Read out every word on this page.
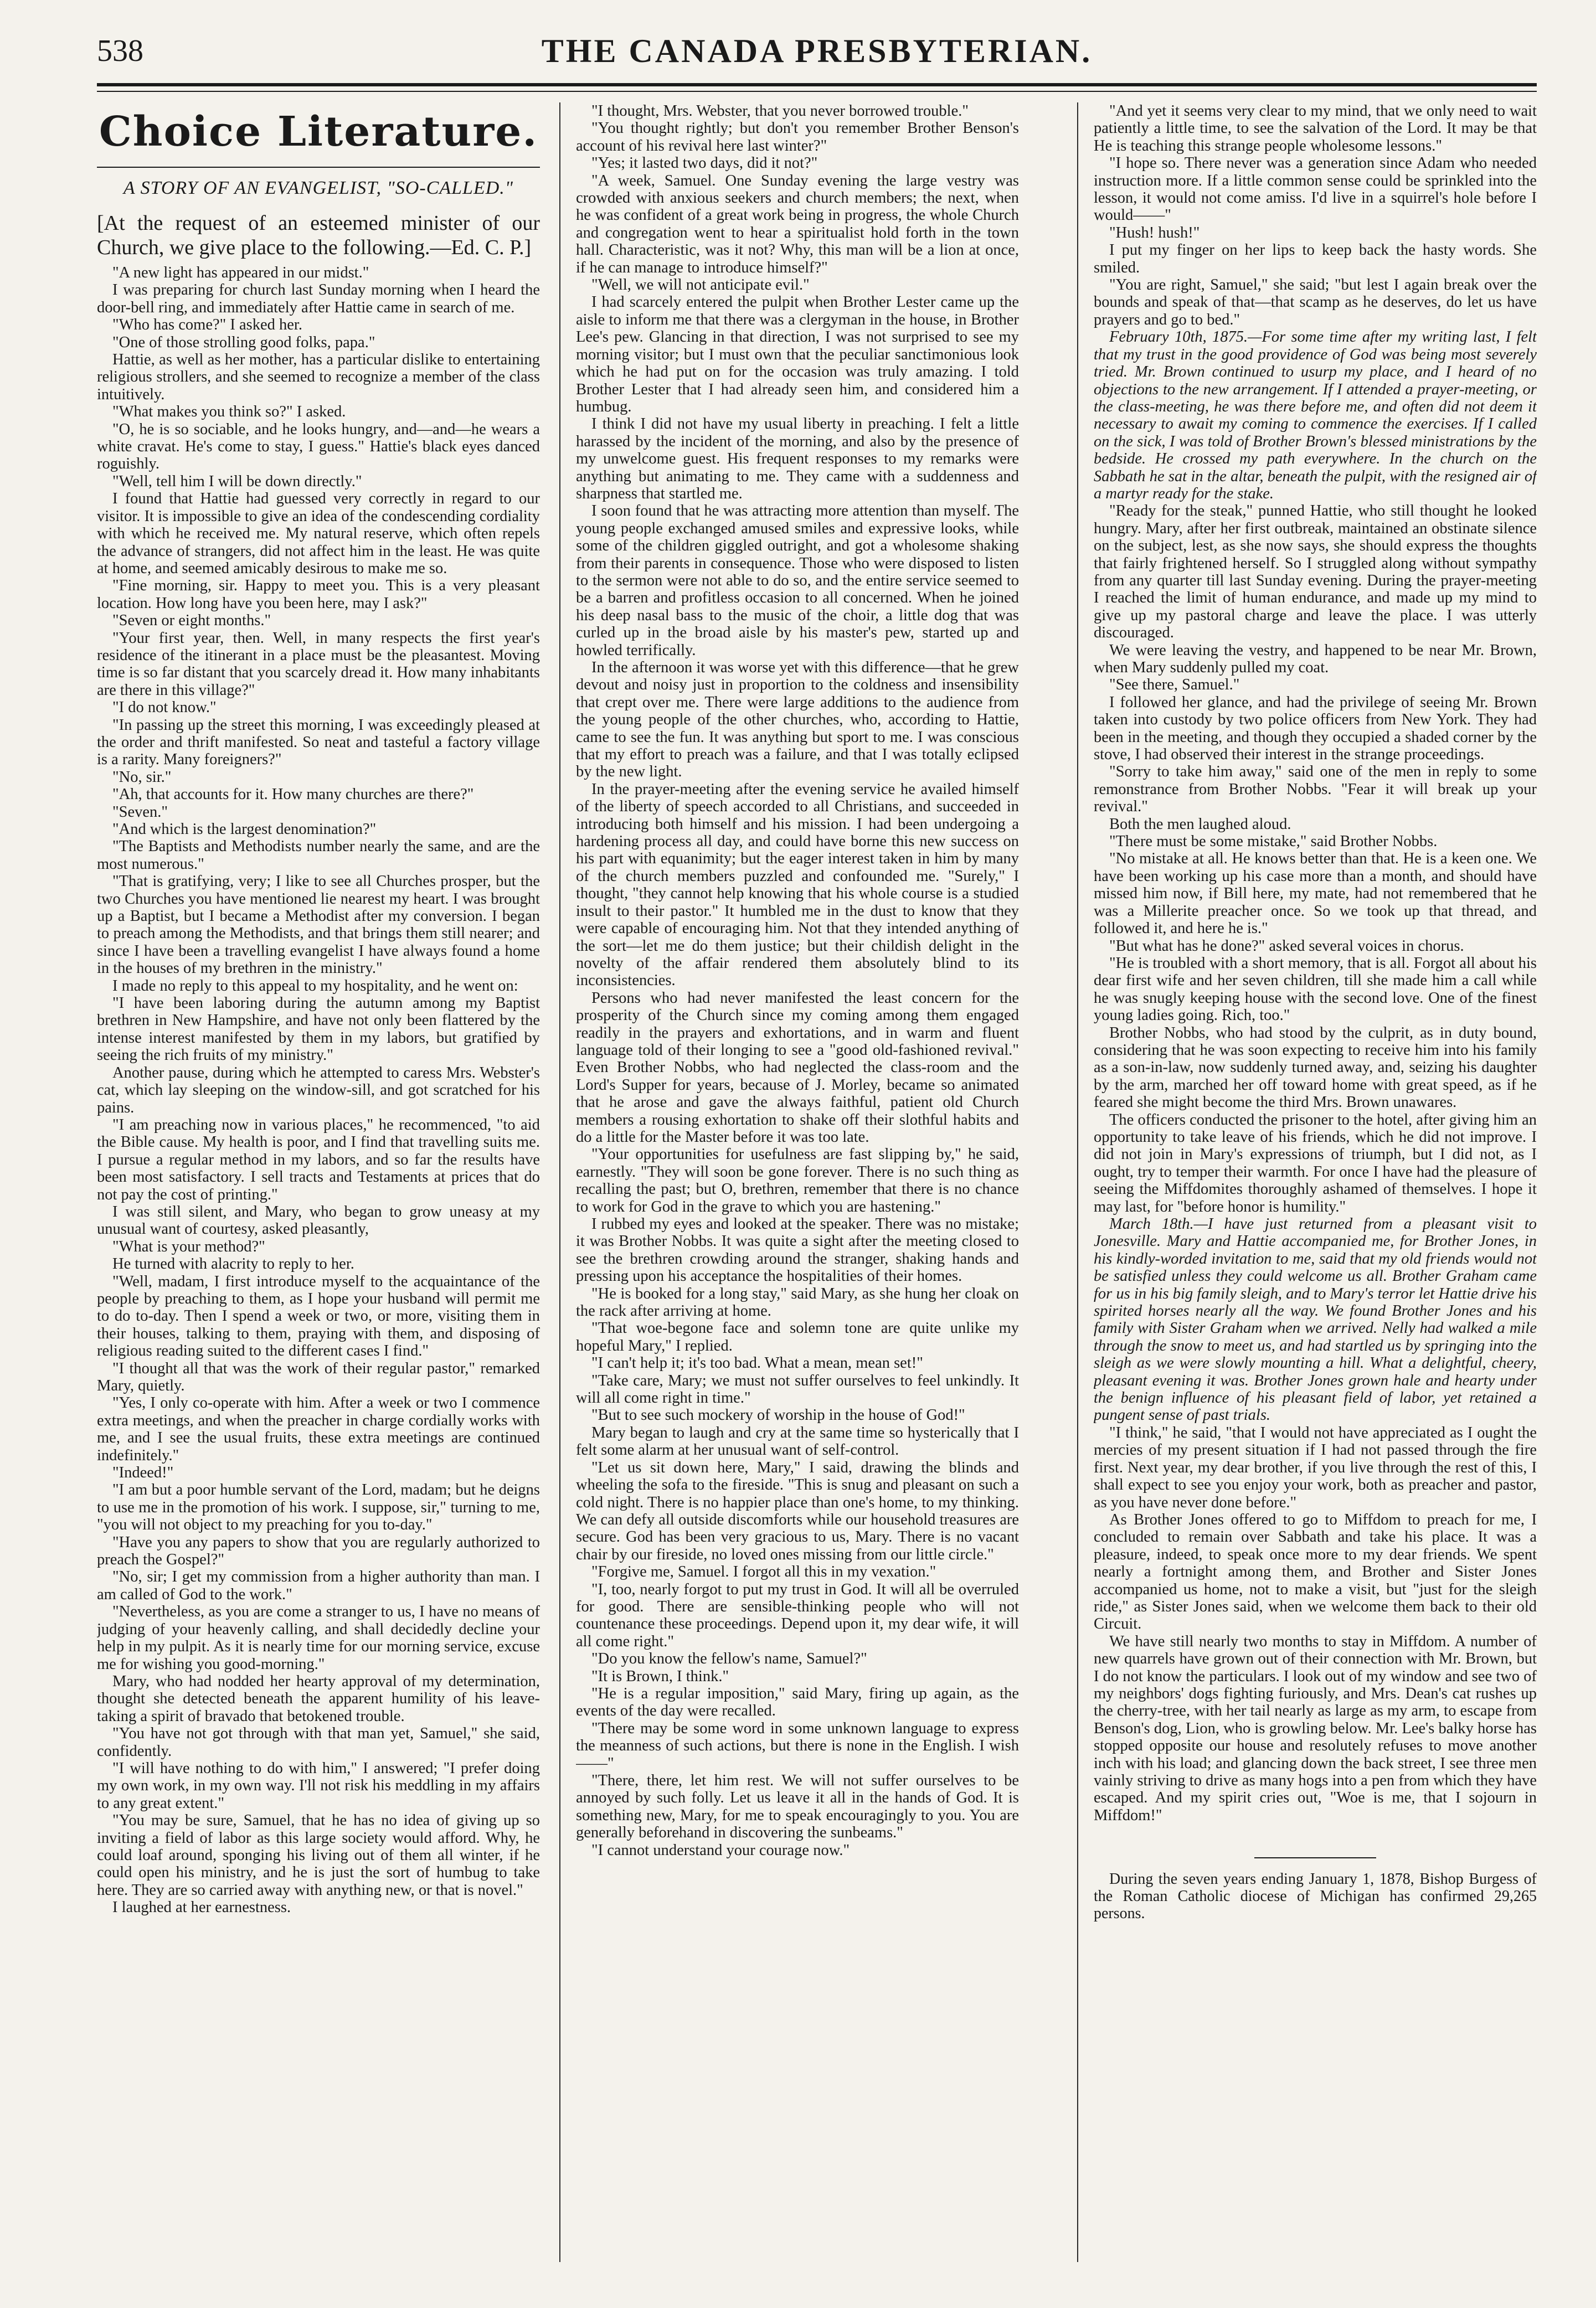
538	THE CANADA PRESBYTERIAN.
Choice Literature.
A STORY OF AN EVANGELIST, "SO-CALLED."
[At the request of an esteemed minister of our Church, we give place to the following.—Ed. C. P.]

"A new light has appeared in our midst."

I was preparing for church last Sunday morning when I heard the door-bell ring, and immediately after Hattie came in search of me.

"Who has come?" I asked her.

"One of those strolling good folks, papa."

Hattie, as well as her mother, has a particular dislike to entertaining religious strollers, and she seemed to recognize a member of the class intuitively.

"What makes you think so?" I asked.

"O, he is so sociable, and he looks hungry, and—and—he wears a white cravat. He's come to stay, I guess." Hattie's black eyes danced roguishly.

"Well, tell him I will be down directly."

I found that Hattie had guessed very correctly in regard to our visitor. It is impossible to give an idea of the condescending cordiality with which he received me. My natural reserve, which often repels the advance of strangers, did not affect him in the least. He was quite at home, and seemed amicably desirous to make me so.

"Fine morning, sir. Happy to meet you. This is a very pleasant location. How long have you been here, may I ask?"

"Seven or eight months."

"Your first year, then. Well, in many respects the first year's residence of the itinerant in a place must be the pleasantest. Moving time is so far distant that you scarcely dread it. How many inhabitants are there in this village?"

"I do not know."

"In passing up the street this morning, I was exceedingly pleased at the order and thrift manifested. So neat and tasteful a factory village is a rarity. Many foreigners?"

"No, sir."

"Ah, that accounts for it. How many churches are there?"

"Seven."

"And which is the largest denomination?"

"The Baptists and Methodists number nearly the same, and are the most numerous."

"That is gratifying, very; I like to see all Churches prosper, but the two Churches you have mentioned lie nearest my heart. I was brought up a Baptist, but I became a Methodist after my conversion. I began to preach among the Methodists, and that brings them still nearer; and since I have been a travelling evangelist I have always found a home in the houses of my brethren in the ministry."

I made no reply to this appeal to my hospitality, and he went on:

"I have been laboring during the autumn among my Baptist brethren in New Hampshire, and have not only been flattered by the intense interest manifested by them in my labors, but gratified by seeing the rich fruits of my ministry."

Another pause, during which he attempted to caress Mrs. Webster's cat, which lay sleeping on the window-sill, and got scratched for his pains.

"I am preaching now in various places," he recommenced, "to aid the Bible cause. My health is poor, and I find that travelling suits me. I pursue a regular method in my labors, and so far the results have been most satisfactory. I sell tracts and Testaments at prices that do not pay the cost of printing."

I was still silent, and Mary, who began to grow uneasy at my unusual want of courtesy, asked pleasantly,

"What is your method?"

He turned with alacrity to reply to her.

"Well, madam, I first introduce myself to the acquaintance of the people by preaching to them, as I hope your husband will permit me to do to-day. Then I spend a week or two, or more, visiting them in their houses, talking to them, praying with them, and disposing of religious reading suited to the different cases I find."

"I thought all that was the work of their regular pastor," remarked Mary, quietly.

"Yes, I only co-operate with him. After a week or two I commence extra meetings, and when the preacher in charge cordially works with me, and I see the usual fruits, these extra meetings are continued indefinitely."

"Indeed!"

"I am but a poor humble servant of the Lord, madam; but he deigns to use me in the promotion of his work. I suppose, sir," turning to me, "you will not object to my preaching for you to-day."

"Have you any papers to show that you are regularly authorized to preach the Gospel?"

"No, sir; I get my commission from a higher authority than man. I am called of God to the work."

"Nevertheless, as you are come a stranger to us, I have no means of judging of your heavenly calling, and shall decidedly decline your help in my pulpit. As it is nearly time for our morning service, excuse me for wishing you good-morning."

Mary, who had nodded her hearty approval of my determination, thought she detected beneath the apparent humility of his leave-taking a spirit of bravado that betokened trouble.

"You have not got through with that man yet, Samuel," she said, confidently.

"I will have nothing to do with him," I answered; "I prefer doing my own work, in my own way. I'll not risk his meddling in my affairs to any great extent."

"You may be sure, Samuel, that he has no idea of giving up so inviting a field of labor as this large society would afford. Why, he could loaf around, sponging his living out of them all winter, if he could open his ministry, and he is just the sort of humbug to take here. They are so carried away with anything new, or that is novel."

I laughed at her earnestness.

"I thought, Mrs. Webster, that you never borrowed trouble."

"You thought rightly; but don't you remember Brother Benson's account of his revival here last winter?"

"Yes; it lasted two days, did it not?"

"A week, Samuel. One Sunday evening the large vestry was crowded with anxious seekers and church members; the next, when he was confident of a great work being in progress, the whole Church and congregation went to hear a spiritualist hold forth in the town hall. Characteristic, was it not? Why, this man will be a lion at once, if he can manage to introduce himself?"

"Well, we will not anticipate evil."

I had scarcely entered the pulpit when Brother Lester came up the aisle to inform me that there was a clergyman in the house, in Brother Lee's pew. Glancing in that direction, I was not surprised to see my morning visitor; but I must own that the peculiar sanctimonious look which he had put on for the occasion was truly amazing. I told Brother Lester that I had already seen him, and considered him a humbug.

I think I did not have my usual liberty in preaching. I felt a little harassed by the incident of the morning, and also by the presence of my unwelcome guest. His frequent responses to my remarks were anything but animating to me. They came with a suddenness and sharpness that startled me.

I soon found that he was attracting more attention than myself. The young people exchanged amused smiles and expressive looks, while some of the children giggled outright, and got a wholesome shaking from their parents in consequence. Those who were disposed to listen to the sermon were not able to do so, and the entire service seemed to be a barren and profitless occasion to all concerned. When he joined his deep nasal bass to the music of the choir, a little dog that was curled up in the broad aisle by his master's pew, started up and howled terrifically.

In the afternoon it was worse yet with this difference—that he grew devout and noisy just in proportion to the coldness and insensibility that crept over me. There were large additions to the audience from the young people of the other churches, who, according to Hattie, came to see the fun. It was anything but sport to me. I was conscious that my effort to preach was a failure, and that I was totally eclipsed by the new light.

In the prayer-meeting after the evening service he availed himself of the liberty of speech accorded to all Christians, and succeeded in introducing both himself and his mission. I had been undergoing a hardening process all day, and could have borne this new success on his part with equanimity; but the eager interest taken in him by many of the church members puzzled and confounded me. "Surely," I thought, "they cannot help knowing that his whole course is a studied insult to their pastor." It humbled me in the dust to know that they were capable of encouraging him. Not that they intended anything of the sort—let me do them justice; but their childish delight in the novelty of the affair rendered them absolutely blind to its inconsistencies.

Persons who had never manifested the least concern for the prosperity of the Church since my coming among them engaged readily in the prayers and exhortations, and in warm and fluent language told of their longing to see a "good old-fashioned revival." Even Brother Nobbs, who had neglected the class-room and the Lord's Supper for years, because of J. Morley, became so animated that he arose and gave the always faithful, patient old Church members a rousing exhortation to shake off their slothful habits and do a little for the Master before it was too late.

"Your opportunities for usefulness are fast slipping by," he said, earnestly. "They will soon be gone forever. There is no such thing as recalling the past; but O, brethren, remember that there is no chance to work for God in the grave to which you are hastening."

I rubbed my eyes and looked at the speaker. There was no mistake; it was Brother Nobbs. It was quite a sight after the meeting closed to see the brethren crowding around the stranger, shaking hands and pressing upon his acceptance the hospitalities of their homes.

"He is booked for a long stay," said Mary, as she hung her cloak on the rack after arriving at home.

"That woe-begone face and solemn tone are quite unlike my hopeful Mary," I replied.

"I can't help it; it's too bad. What a mean, mean set!"

"Take care, Mary; we must not suffer ourselves to feel unkindly. It will all come right in time."

"But to see such mockery of worship in the house of God!"

Mary began to laugh and cry at the same time so hysterically that I felt some alarm at her unusual want of self-control.

"Let us sit down here, Mary," I said, drawing the blinds and wheeling the sofa to the fireside. "This is snug and pleasant on such a cold night. There is no happier place than one's home, to my thinking. We can defy all outside discomforts while our household treasures are secure. God has been very gracious to us, Mary. There is no vacant chair by our fireside, no loved ones missing from our little circle."

"Forgive me, Samuel. I forgot all this in my vexation."

"I, too, nearly forgot to put my trust in God. It will all be overruled for good. There are sensible-thinking people who will not countenance these proceedings. Depend upon it, my dear wife, it will all come right."

"Do you know the fellow's name, Samuel?"

"It is Brown, I think."

"He is a regular imposition," said Mary, firing up again, as the events of the day were recalled.

"There may be some word in some unknown language to express the meanness of such actions, but there is none in the English. I wish——"

"There, there, let him rest. We will not suffer ourselves to be annoyed by such folly. Let us leave it all in the hands of God. It is something new, Mary, for me to speak encouragingly to you. You are generally beforehand in discovering the sunbeams."

"I cannot understand your courage now."

"And yet it seems very clear to my mind, that we only need to wait patiently a little time, to see the salvation of the Lord. It may be that He is teaching this strange people wholesome lessons."

"I hope so. There never was a generation since Adam who needed instruction more. If a little common sense could be sprinkled into the lesson, it would not come amiss. I'd live in a squirrel's hole before I would——"

"Hush! hush!"

I put my finger on her lips to keep back the hasty words. She smiled.

"You are right, Samuel," she said; "but lest I again break over the bounds and speak of that—that scamp as he deserves, do let us have prayers and go to bed."

February 10th, 1875.—For some time after my writing last, I felt that my trust in the good providence of God was being most severely tried. Mr. Brown continued to usurp my place, and I heard of no objections to the new arrangement. If I attended a prayer-meeting, or the class-meeting, he was there before me, and often did not deem it necessary to await my coming to commence the exercises. If I called on the sick, I was told of Brother Brown's blessed ministrations by the bedside. He crossed my path everywhere. In the church on the Sabbath he sat in the altar, beneath the pulpit, with the resigned air of a martyr ready for the stake.

"Ready for the steak," punned Hattie, who still thought he looked hungry. Mary, after her first outbreak, maintained an obstinate silence on the subject, lest, as she now says, she should express the thoughts that fairly frightened herself. So I struggled along without sympathy from any quarter till last Sunday evening. During the prayer-meeting I reached the limit of human endurance, and made up my mind to give up my pastoral charge and leave the place. I was utterly discouraged.

We were leaving the vestry, and happened to be near Mr. Brown, when Mary suddenly pulled my coat.

"See there, Samuel."

I followed her glance, and had the privilege of seeing Mr. Brown taken into custody by two police officers from New York. They had been in the meeting, and though they occupied a shaded corner by the stove, I had observed their interest in the strange proceedings.

"Sorry to take him away," said one of the men in reply to some remonstrance from Brother Nobbs. "Fear it will break up your revival."

Both the men laughed aloud.

"There must be some mistake," said Brother Nobbs.

"No mistake at all. He knows better than that. He is a keen one. We have been working up his case more than a month, and should have missed him now, if Bill here, my mate, had not remembered that he was a Millerite preacher once. So we took up that thread, and followed it, and here he is."

"But what has he done?" asked several voices in chorus.

"He is troubled with a short memory, that is all. Forgot all about his dear first wife and her seven children, till she made him a call while he was snugly keeping house with the second love. One of the finest young ladies going. Rich, too."

Brother Nobbs, who had stood by the culprit, as in duty bound, considering that he was soon expecting to receive him into his family as a son-in-law, now suddenly turned away, and, seizing his daughter by the arm, marched her off toward home with great speed, as if he feared she might become the third Mrs. Brown unawares.

The officers conducted the prisoner to the hotel, after giving him an opportunity to take leave of his friends, which he did not improve. I did not join in Mary's expressions of triumph, but I did not, as I ought, try to temper their warmth. For once I have had the pleasure of seeing the Miffdomites thoroughly ashamed of themselves. I hope it may last, for "before honor is humility."

March 18th.—I have just returned from a pleasant visit to Jonesville. Mary and Hattie accompanied me, for Brother Jones, in his kindly-worded invitation to me, said that my old friends would not be satisfied unless they could welcome us all. Brother Graham came for us in his big family sleigh, and to Mary's terror let Hattie drive his spirited horses nearly all the way. We found Brother Jones and his family with Sister Graham when we arrived. Nelly had walked a mile through the snow to meet us, and had startled us by springing into the sleigh as we were slowly mounting a hill. What a delightful, cheery, pleasant evening it was. Brother Jones grown hale and hearty under the benign influence of his pleasant field of labor, yet retained a pungent sense of past trials.

"I think," he said, "that I would not have appreciated as I ought the mercies of my present situation if I had not passed through the fire first. Next year, my dear brother, if you live through the rest of this, I shall expect to see you enjoy your work, both as preacher and pastor, as you have never done before."

As Brother Jones offered to go to Miffdom to preach for me, I concluded to remain over Sabbath and take his place. It was a pleasure, indeed, to speak once more to my dear friends. We spent nearly a fortnight among them, and Brother and Sister Jones accompanied us home, not to make a visit, but "just for the sleigh ride," as Sister Jones said, when we welcome them back to their old Circuit.

We have still nearly two months to stay in Miffdom. A number of new quarrels have grown out of their connection with Mr. Brown, but I do not know the particulars. I look out of my window and see two of my neighbors' dogs fighting furiously, and Mrs. Dean's cat rushes up the cherry-tree, with her tail nearly as large as my arm, to escape from Benson's dog, Lion, who is growling below. Mr. Lee's balky horse has stopped opposite our house and resolutely refuses to move another inch with his load; and glancing down the back street, I see three men vainly striving to drive as many hogs into a pen from which they have escaped. And my spirit cries out, "Woe is me, that I sojourn in Miffdom!"

During the seven years ending January 1, 1878, Bishop Burgess of the Roman Catholic diocese of Michigan has confirmed 29,265 persons.
